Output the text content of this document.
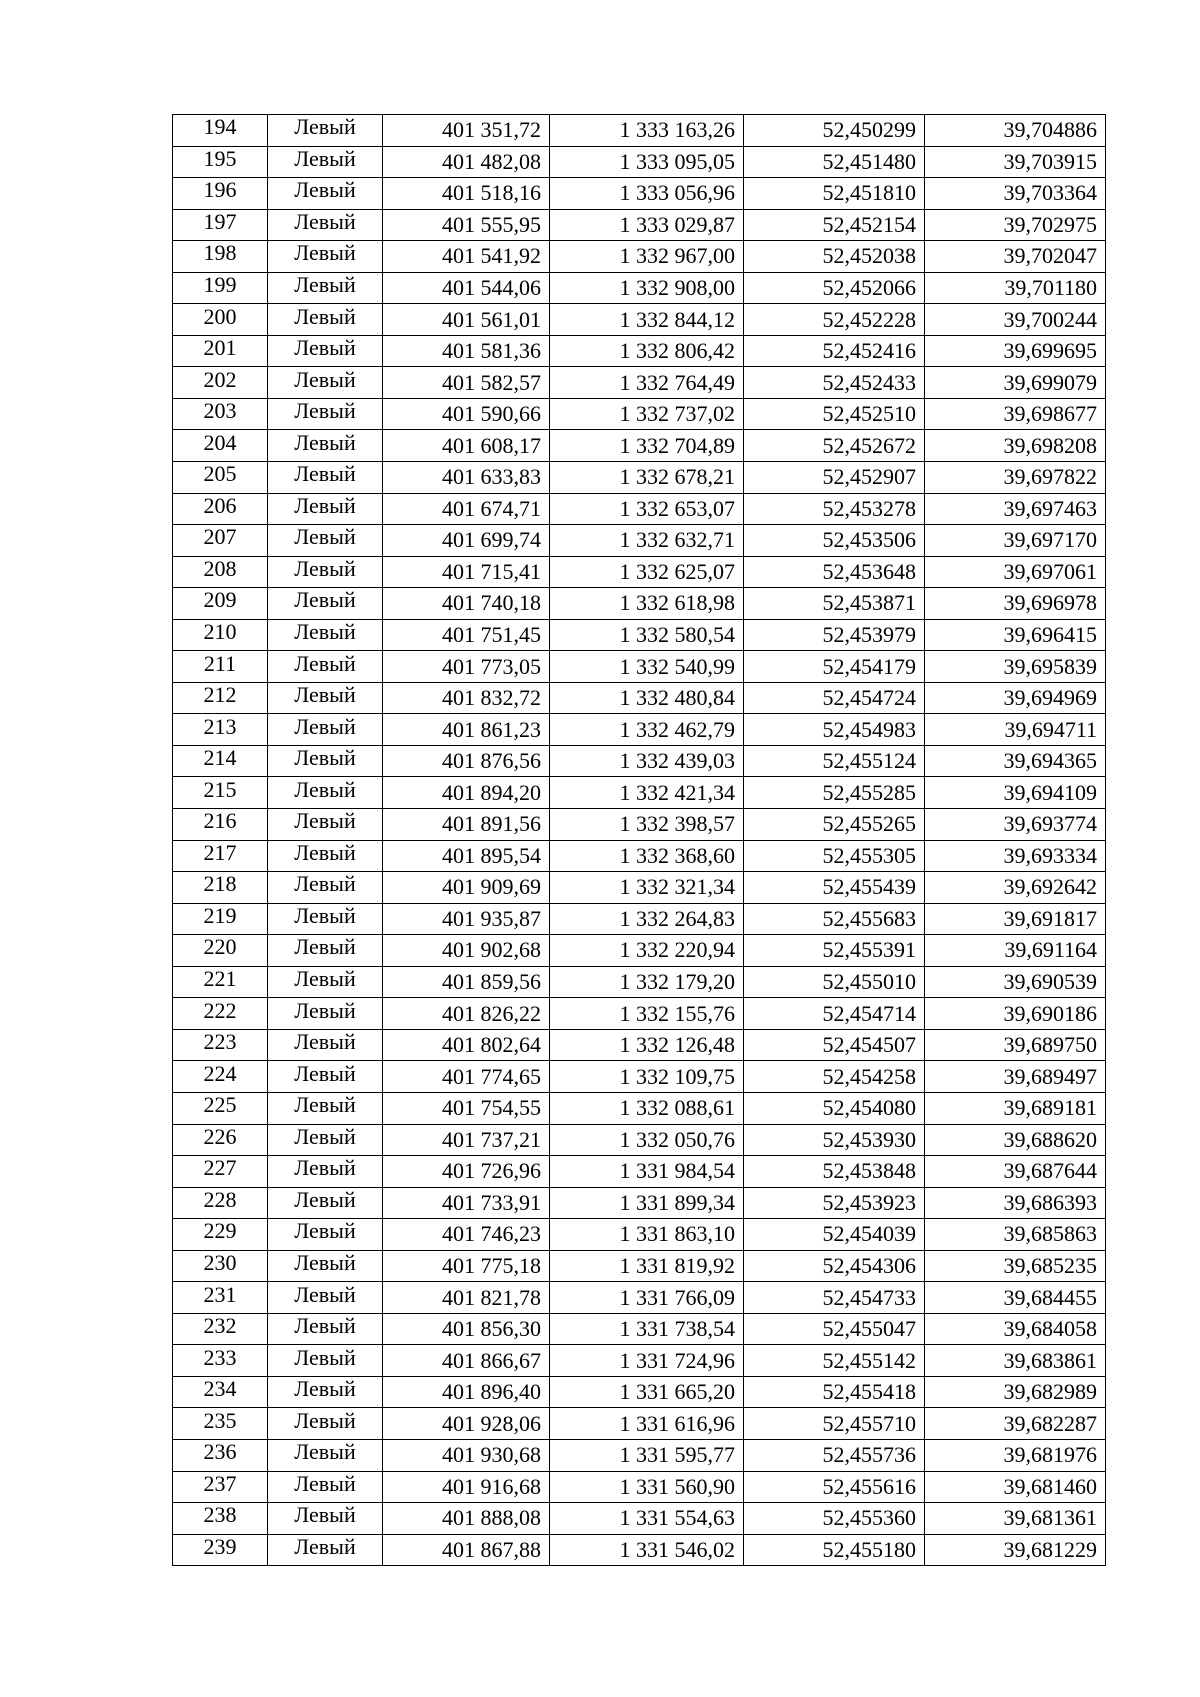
194	Левый	401 351,72	1 333 163,26	52,450299	39,704886
195	Левый	401 482,08	1 333 095,05	52,451480	39,703915
196	Левый	401 518,16	1 333 056,96	52,451810	39,703364
197	Левый	401 555,95	1 333 029,87	52,452154	39,702975
198	Левый	401 541,92	1 332 967,00	52,452038	39,702047
199	Левый	401 544,06	1 332 908,00	52,452066	39,701180
200	Левый	401 561,01	1 332 844,12	52,452228	39,700244
201	Левый	401 581,36	1 332 806,42	52,452416	39,699695
202	Левый	401 582,57	1 332 764,49	52,452433	39,699079
203	Левый	401 590,66	1 332 737,02	52,452510	39,698677
204	Левый	401 608,17	1 332 704,89	52,452672	39,698208
205	Левый	401 633,83	1 332 678,21	52,452907	39,697822
206	Левый	401 674,71	1 332 653,07	52,453278	39,697463
207	Левый	401 699,74	1 332 632,71	52,453506	39,697170
208	Левый	401 715,41	1 332 625,07	52,453648	39,697061
209	Левый	401 740,18	1 332 618,98	52,453871	39,696978
210	Левый	401 751,45	1 332 580,54	52,453979	39,696415
211	Левый	401 773,05	1 332 540,99	52,454179	39,695839
212	Левый	401 832,72	1 332 480,84	52,454724	39,694969
213	Левый	401 861,23	1 332 462,79	52,454983	39,694711
214	Левый	401 876,56	1 332 439,03	52,455124	39,694365
215	Левый	401 894,20	1 332 421,34	52,455285	39,694109
216	Левый	401 891,56	1 332 398,57	52,455265	39,693774
217	Левый	401 895,54	1 332 368,60	52,455305	39,693334
218	Левый	401 909,69	1 332 321,34	52,455439	39,692642
219	Левый	401 935,87	1 332 264,83	52,455683	39,691817
220	Левый	401 902,68	1 332 220,94	52,455391	39,691164
221	Левый	401 859,56	1 332 179,20	52,455010	39,690539
222	Левый	401 826,22	1 332 155,76	52,454714	39,690186
223	Левый	401 802,64	1 332 126,48	52,454507	39,689750
224	Левый	401 774,65	1 332 109,75	52,454258	39,689497
225	Левый	401 754,55	1 332 088,61	52,454080	39,689181
226	Левый	401 737,21	1 332 050,76	52,453930	39,688620
227	Левый	401 726,96	1 331 984,54	52,453848	39,687644
228	Левый	401 733,91	1 331 899,34	52,453923	39,686393
229	Левый	401 746,23	1 331 863,10	52,454039	39,685863
230	Левый	401 775,18	1 331 819,92	52,454306	39,685235
231	Левый	401 821,78	1 331 766,09	52,454733	39,684455
232	Левый	401 856,30	1 331 738,54	52,455047	39,684058
233	Левый	401 866,67	1 331 724,96	52,455142	39,683861
234	Левый	401 896,40	1 331 665,20	52,455418	39,682989
235	Левый	401 928,06	1 331 616,96	52,455710	39,682287
236	Левый	401 930,68	1 331 595,77	52,455736	39,681976
237	Левый	401 916,68	1 331 560,90	52,455616	39,681460
238	Левый	401 888,08	1 331 554,63	52,455360	39,681361
239	Левый	401 867,88	1 331 546,02	52,455180	39,681229
